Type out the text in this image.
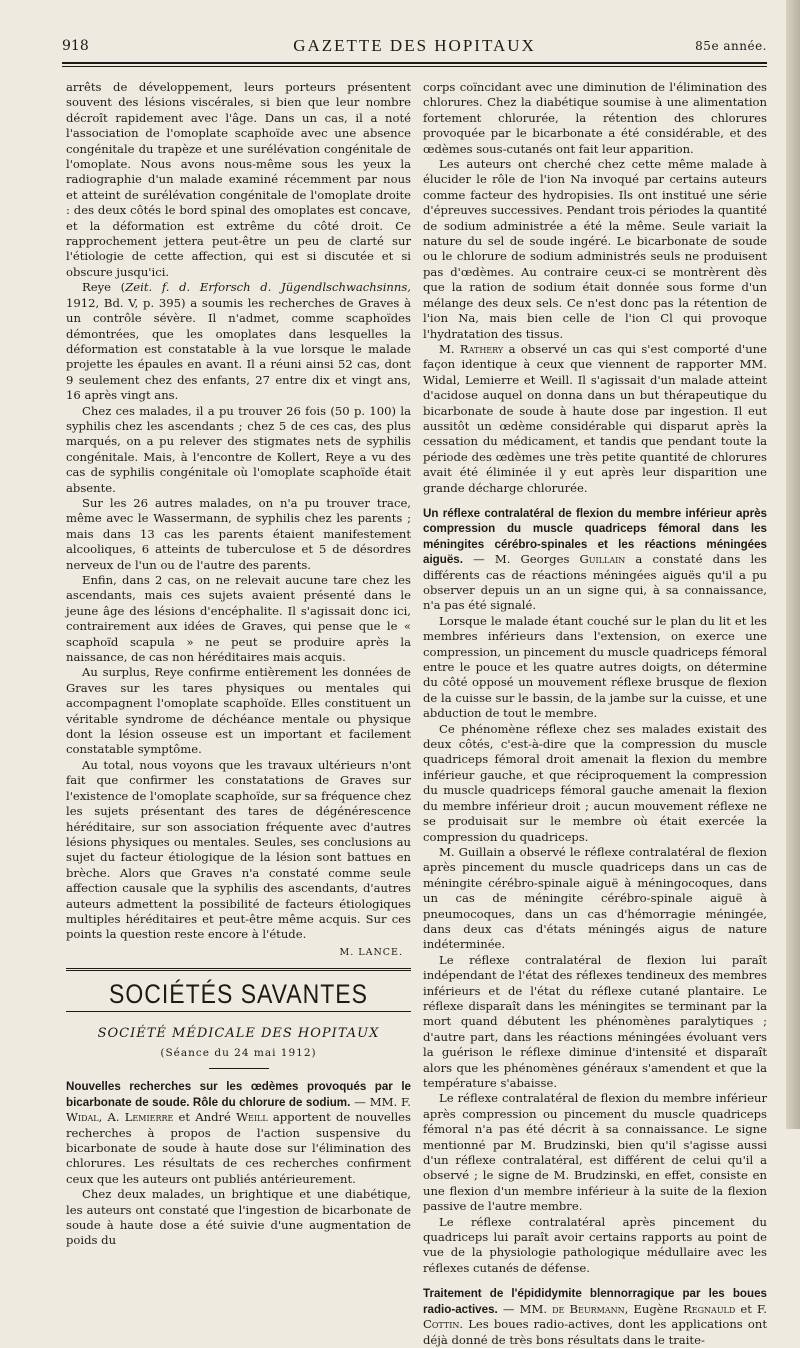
918	GAZETTE DES HOPITAUX	85e année.

arrêts de développement, leurs porteurs présentent souvent des lésions viscérales, si bien que leur nombre décroît rapidement avec l'âge. Dans un cas, il a noté l'association de l'omoplate scaphoïde avec une absence congénitale du trapèze et une surélévation congénitale de l'omoplate. Nous avons nous-même sous les yeux la radiographie d'un malade examiné récemment par nous et atteint de surélévation congénitale de l'omoplate droite : des deux côtés le bord spinal des omoplates est concave, et la déformation est extrême du côté droit. Ce rapprochement jettera peut-être un peu de clarté sur l'étiologie de cette affection, qui est si discutée et si obscure jusqu'ici.

Reye (Zeit. f. d. Erforsch d. Jügendlschwachsinns, 1912, Bd. V, p. 395) a soumis les recherches de Graves à un contrôle sévère. Il n'admet, comme scaphoïdes démontrées, que les omoplates dans lesquelles la déformation est constatable à la vue lorsque le malade projette les épaules en avant. Il a réuni ainsi 52 cas, dont 9 seulement chez des enfants, 27 entre dix et vingt ans, 16 après vingt ans.

Chez ces malades, il a pu trouver 26 fois (50 p. 100) la syphilis chez les ascendants ; chez 5 de ces cas, des plus marqués, on a pu relever des stigmates nets de syphilis congénitale. Mais, à l'encontre de Kollert, Reye a vu des cas de syphilis congénitale où l'omoplate scaphoïde était absente.

Sur les 26 autres malades, on n'a pu trouver trace, même avec le Wassermann, de syphilis chez les parents ; mais dans 13 cas les parents étaient manifestement alcooliques, 6 atteints de tuberculose et 5 de désordres nerveux de l'un ou de l'autre des parents.

Enfin, dans 2 cas, on ne relevait aucune tare chez les ascendants, mais ces sujets avaient présenté dans le jeune âge des lésions d'encéphalite. Il s'agissait donc ici, contrairement aux idées de Graves, qui pense que le « scaphoïd scapula » ne peut se produire après la naissance, de cas non héréditaires mais acquis.

Au surplus, Reye confirme entièrement les données de Graves sur les tares physiques ou mentales qui accompagnent l'omoplate scaphoïde. Elles constituent un véritable syndrome de déchéance mentale ou physique dont la lésion osseuse est un important et facilement constatable symptôme.

Au total, nous voyons que les travaux ultérieurs n'ont fait que confirmer les constatations de Graves sur l'existence de l'omoplate scaphoïde, sur sa fréquence chez les sujets présentant des tares de dégénérescence héréditaire, sur son association fréquente avec d'autres lésions physiques ou mentales. Seules, ses conclusions au sujet du facteur étiologique de la lésion sont battues en brèche. Alors que Graves n'a constaté comme seule affection causale que la syphilis des ascendants, d'autres auteurs admettent la possibilité de facteurs étiologiques multiples héréditaires et peut-être même acquis. Sur ces points la question reste encore à l'étude.

M. LANCE.
SOCIÉTÉS SAVANTES
SOCIÉTÉ MÉDICALE DES HOPITAUX
(Séance du 24 mai 1912)

Nouvelles recherches sur les œdèmes provoqués par le bicarbonate de soude. Rôle du chlorure de sodium. — MM. F. Widal, A. Lemierre et André Weill apportent de nouvelles recherches à propos de l'action suspensive du bicarbonate de soude à haute dose sur l'élimination des chlorures. Les résultats de ces recherches confirment ceux que les auteurs ont publiés antérieurement.

Chez deux malades, un brightique et une diabétique, les auteurs ont constaté que l'ingestion de bicarbonate de soude à haute dose a été suivie d'une augmentation de poids du

corps coïncidant avec une diminution de l'élimination des chlorures. Chez la diabétique soumise à une alimentation fortement chlorurée, la rétention des chlorures provoquée par le bicarbonate a été considérable, et des œdèmes sous-cutanés ont fait leur apparition.

Les auteurs ont cherché chez cette même malade à élucider le rôle de l'ion Na invoqué par certains auteurs comme facteur des hydropisies. Ils ont institué une série d'épreuves successives. Pendant trois périodes la quantité de sodium administrée a été la même. Seule variait la nature du sel de soude ingéré. Le bicarbonate de soude ou le chlorure de sodium administrés seuls ne produisent pas d'œdèmes. Au contraire ceux-ci se montrèrent dès que la ration de sodium était donnée sous forme d'un mélange des deux sels. Ce n'est donc pas la rétention de l'ion Na, mais bien celle de l'ion Cl qui provoque l'hydratation des tissus.

M. Rathery a observé un cas qui s'est comporté d'une façon identique à ceux que viennent de rapporter MM. Widal, Lemierre et Weill. Il s'agissait d'un malade atteint d'acidose auquel on donna dans un but thérapeutique du bicarbonate de soude à haute dose par ingestion. Il eut aussitôt un œdème considérable qui disparut après la cessation du médicament, et tandis que pendant toute la période des œdèmes une très petite quantité de chlorures avait été éliminée il y eut après leur disparition une grande décharge chlorurée.

Un réflexe contralatéral de flexion du membre inférieur après compression du muscle quadriceps fémoral dans les méningites cérébro-spinales et les réactions méningées aiguës. — M. Georges Guillain a constaté dans les différents cas de réactions méningées aiguës qu'il a pu observer depuis un an un signe qui, à sa connaissance, n'a pas été signalé.

Lorsque le malade étant couché sur le plan du lit et les membres inférieurs dans l'extension, on exerce une compression, un pincement du muscle quadriceps fémoral entre le pouce et les quatre autres doigts, on détermine du côté opposé un mouvement réflexe brusque de flexion de la cuisse sur le bassin, de la jambe sur la cuisse, et une abduction de tout le membre.

Ce phénomène réflexe chez ses malades existait des deux côtés, c'est-à-dire que la compression du muscle quadriceps fémoral droit amenait la flexion du membre inférieur gauche, et que réciproquement la compression du muscle quadriceps fémoral gauche amenait la flexion du membre inférieur droit ; aucun mouvement réflexe ne se produisait sur le membre où était exercée la compression du quadriceps.

M. Guillain a observé le réflexe contralatéral de flexion après pincement du muscle quadriceps dans un cas de méningite cérébro-spinale aiguë à méningocoques, dans un cas de méningite cérébro-spinale aiguë à pneumocoques, dans un cas d'hémorragie méningée, dans deux cas d'états méningés aigus de nature indéterminée.

Le réflexe contralatéral de flexion lui paraît indépendant de l'état des réflexes tendineux des membres inférieurs et de l'état du réflexe cutané plantaire. Le réflexe disparaît dans les méningites se terminant par la mort quand débutent les phénomènes paralytiques ; d'autre part, dans les réactions méningées évoluant vers la guérison le réflexe diminue d'intensité et disparaît alors que les phénomènes généraux s'amendent et que la température s'abaisse.

Le réflexe contralatéral de flexion du membre inférieur après compression ou pincement du muscle quadriceps fémoral n'a pas été décrit à sa connaissance. Le signe mentionné par M. Brudzinski, bien qu'il s'agisse aussi d'un réflexe contralatéral, est différent de celui qu'il a observé ; le signe de M. Brudzinski, en effet, consiste en une flexion d'un membre inférieur à la suite de la flexion passive de l'autre membre.

Le réflexe contralatéral après pincement du quadriceps lui paraît avoir certains rapports au point de vue de la physiologie pathologique médullaire avec les réflexes cutanés de défense.

Traitement de l'épididymite blennorragique par les boues radio-actives. — MM. de Beurmann, Eugène Regnauld et F. Cottin. Les boues radio-actives, dont les applications ont déjà donné de très bons résultats dans le traite-
